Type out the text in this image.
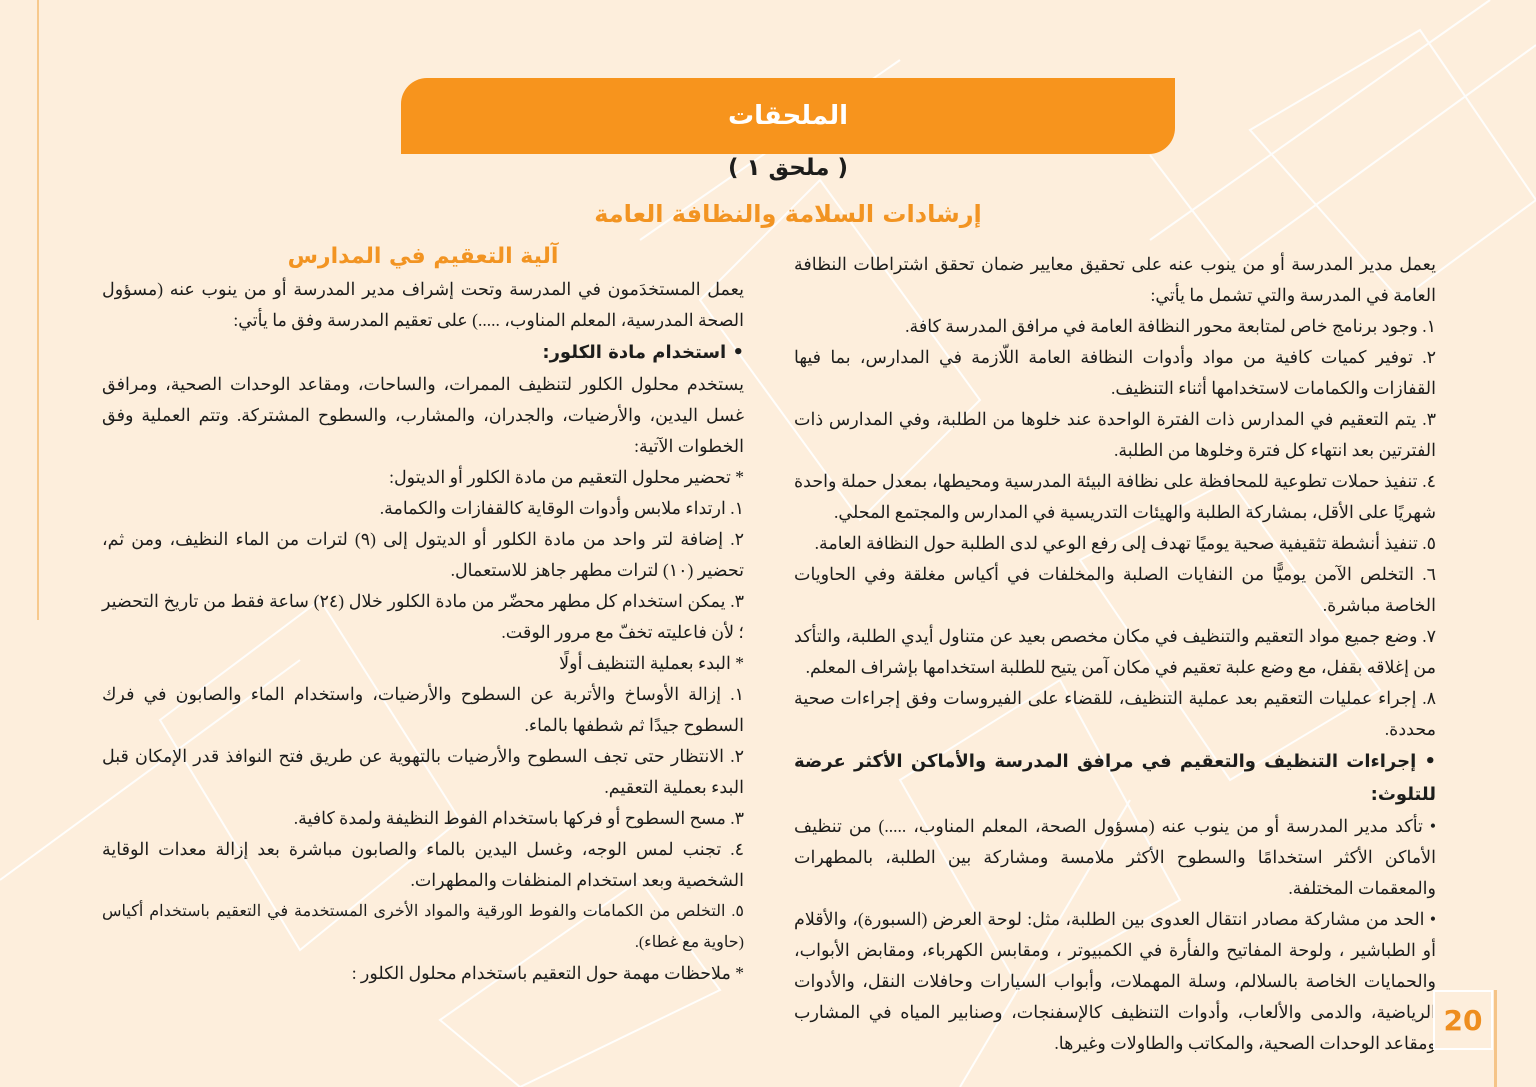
الملحقات
( ملحق ١ )
إرشادات السلامة والنظافة العامة

يعمل مدير المدرسة أو من ينوب عنه على تحقيق معايير ضمان تحقق اشتراطات النظافة العامة في المدرسة والتي تشمل ما يأتي:

١. وجود برنامج خاص لمتابعة محور النظافة العامة في مرافق المدرسة كافة.

٢. توفير كميات كافية من مواد وأدوات النظافة العامة اللّازمة في المدارس، بما فيها القفازات والكمامات لاستخدامها أثناء التنظيف.

٣. يتم التعقيم في المدارس ذات الفترة الواحدة عند خلوها من الطلبة، وفي المدارس ذات الفترتين بعد انتهاء كل فترة وخلوها من الطلبة.

٤. تنفيذ حملات تطوعية للمحافظة على نظافة البيئة المدرسية ومحيطها، بمعدل حملة واحدة شهريًا على الأقل، بمشاركة الطلبة والهيئات التدريسية في المدارس والمجتمع المحلي.

٥. تنفيذ أنشطة تثقيفية صحية يوميًا تهدف إلى رفع الوعي لدى الطلبة حول النظافة العامة.

٦. التخلص الآمن يوميًّا من النفايات الصلبة والمخلفات في أكياس مغلقة وفي الحاويات الخاصة مباشرة.

٧. وضع جميع مواد التعقيم والتنظيف في مكان مخصص بعيد عن متناول أيدي الطلبة، والتأكد من إغلاقه بقفل، مع وضع علبة تعقيم في مكان آمن يتيح للطلبة استخدامها بإشراف المعلم.

٨. إجراء عمليات التعقيم بعد عملية التنظيف، للقضاء على الفيروسات وفق إجراءات صحية محددة.

• إجراءات التنظيف والتعقيم في مرافق المدرسة والأماكن الأكثر عرضة للتلوث:

• تأكد مدير المدرسة أو من ينوب عنه (مسؤول الصحة، المعلم المناوب، .....) من تنظيف الأماكن الأكثر استخدامًا والسطوح الأكثر ملامسة ومشاركة بين الطلبة، بالمطهرات والمعقمات المختلفة.

• الحد من مشاركة مصادر انتقال العدوى بين الطلبة، مثل: لوحة العرض (السبورة)، والأقلام أو الطباشير ، ولوحة المفاتيح والفأرة في الكمبيوتر ، ومقابس الكهرباء، ومقابض الأبواب، والحمايات الخاصة بالسلالم، وسلة المهملات، وأبواب السيارات وحافلات النقل، والأدوات الرياضية، والدمى والألعاب، وأدوات التنظيف كالإسفنجات، وصنابير المياه في المشارب ومقاعد الوحدات الصحية، والمكاتب والطاولات وغيرها.

آلية التعقيم في المدارس

يعمل المستخدَمون في المدرسة وتحت إشراف مدير المدرسة أو من ينوب عنه (مسؤول الصحة المدرسية، المعلم المناوب، .....) على تعقيم المدرسة وفق ما يأتي:

• استخدام مادة الكلور:

يستخدم محلول الكلور لتنظيف الممرات، والساحات، ومقاعد الوحدات الصحية، ومرافق غسل اليدين، والأرضيات، والجدران، والمشارب، والسطوح المشتركة. وتتم العملية وفق الخطوات الآتية:

* تحضير محلول التعقيم من مادة الكلور أو الديتول:

١. ارتداء ملابس وأدوات الوقاية كالقفازات والكمامة.

٢. إضافة لتر واحد من مادة الكلور أو الديتول إلى (٩) لترات من الماء النظيف، ومن ثم، تحضير (١٠) لترات مطهر جاهز للاستعمال.

٣. يمكن استخدام كل مطهر محضّر من مادة الكلور خلال (٢٤) ساعة فقط من تاريخ التحضير ؛ لأن فاعليته تخفّ مع مرور الوقت.

* البدء بعملية التنظيف أولًا

١. إزالة الأوساخ والأتربة عن السطوح والأرضيات، واستخدام الماء والصابون في فرك السطوح جيدًا ثم شطفها بالماء.

٢. الانتظار حتى تجف السطوح والأرضيات بالتهوية عن طريق فتح النوافذ قدر الإمكان قبل البدء بعملية التعقيم.

٣. مسح السطوح أو فركها باستخدام الفوط النظيفة ولمدة كافية.

٤. تجنب لمس الوجه، وغسل اليدين بالماء والصابون مباشرة بعد إزالة معدات الوقاية الشخصية وبعد استخدام المنظفات والمطهرات.

٥. التخلص من الكمامات والفوط الورقية والمواد الأخرى المستخدمة في التعقيم باستخدام أكياس (حاوية مع غطاء).

* ملاحظات مهمة حول التعقيم باستخدام محلول الكلور :

20
